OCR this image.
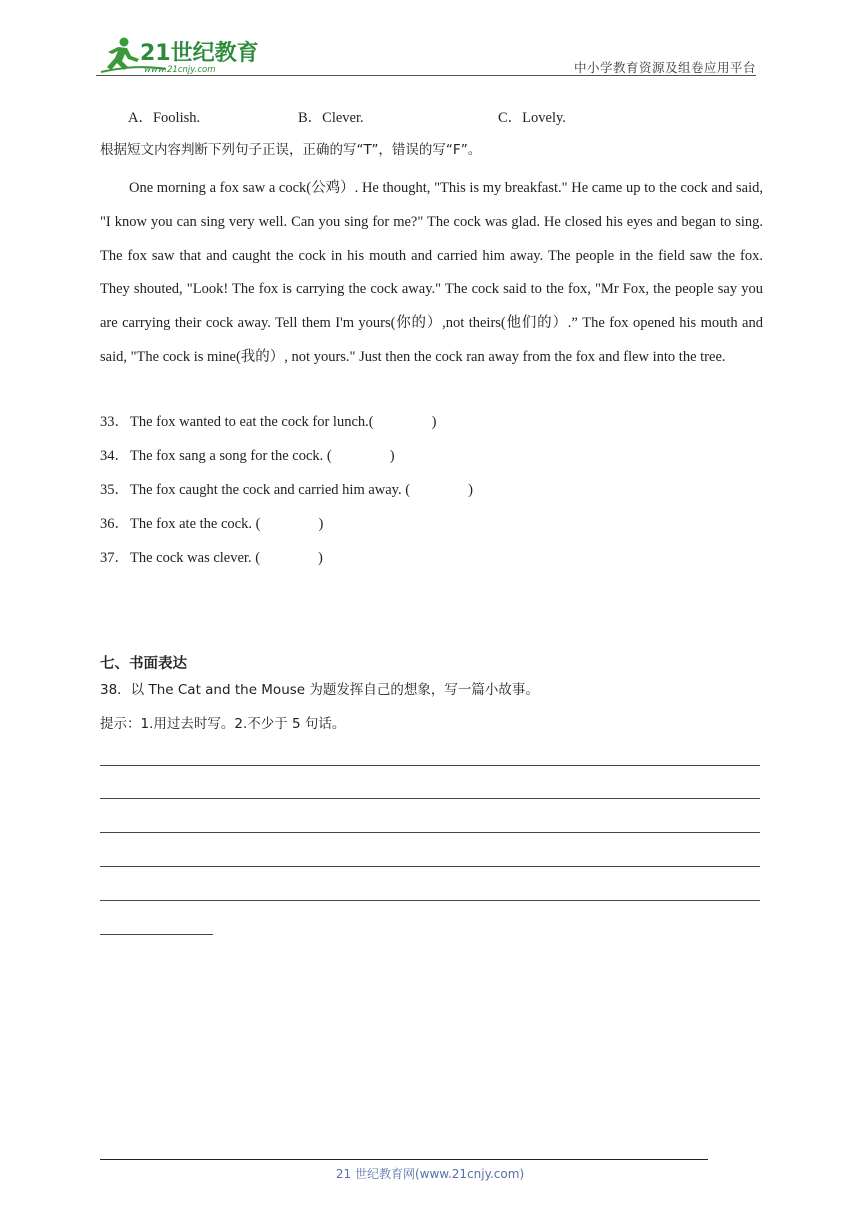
21世纪教育
www.21cnjy.com	中小学教育资源及组卷应用平台
A．Foolish.	B．Clever.	C．Lovely.
根据短文内容判断下列句子正误，正确的写“T”，错误的写“F”。

One morning a fox saw a cock(公鸡）. He thought, "This is my breakfast." He came up to the cock and said, "I know you can sing very well. Can you sing for me?" The cock was glad. He closed his eyes and began to sing. The fox saw that and caught the cock in his mouth and carried him away. The people in the field saw the fox. They shouted, "Look! The fox is carrying the cock away." The cock said to the fox, "Mr Fox, the people say you are carrying their cock away. Tell them I'm yours(你的）,not theirs(他们的）.” The fox opened his mouth and said, "The cock is mine(我的）, not yours." Just then the cock ran away from the fox and flew into the tree.

33．The fox wanted to eat the cock for lunch.(	)
34．The fox sang a song for the cock. (	)
35．The fox caught the cock and carried him away. (	)
36．The fox ate the cock. (	)
37．The cock was clever. (	)
七、书面表达
38．以 The Cat and the Mouse 为题发挥自己的想象，写一篇小故事。
提示：1.用过去时写。2.不少于 5 句话。
21 世纪教育网(www.21cnjy.com)
